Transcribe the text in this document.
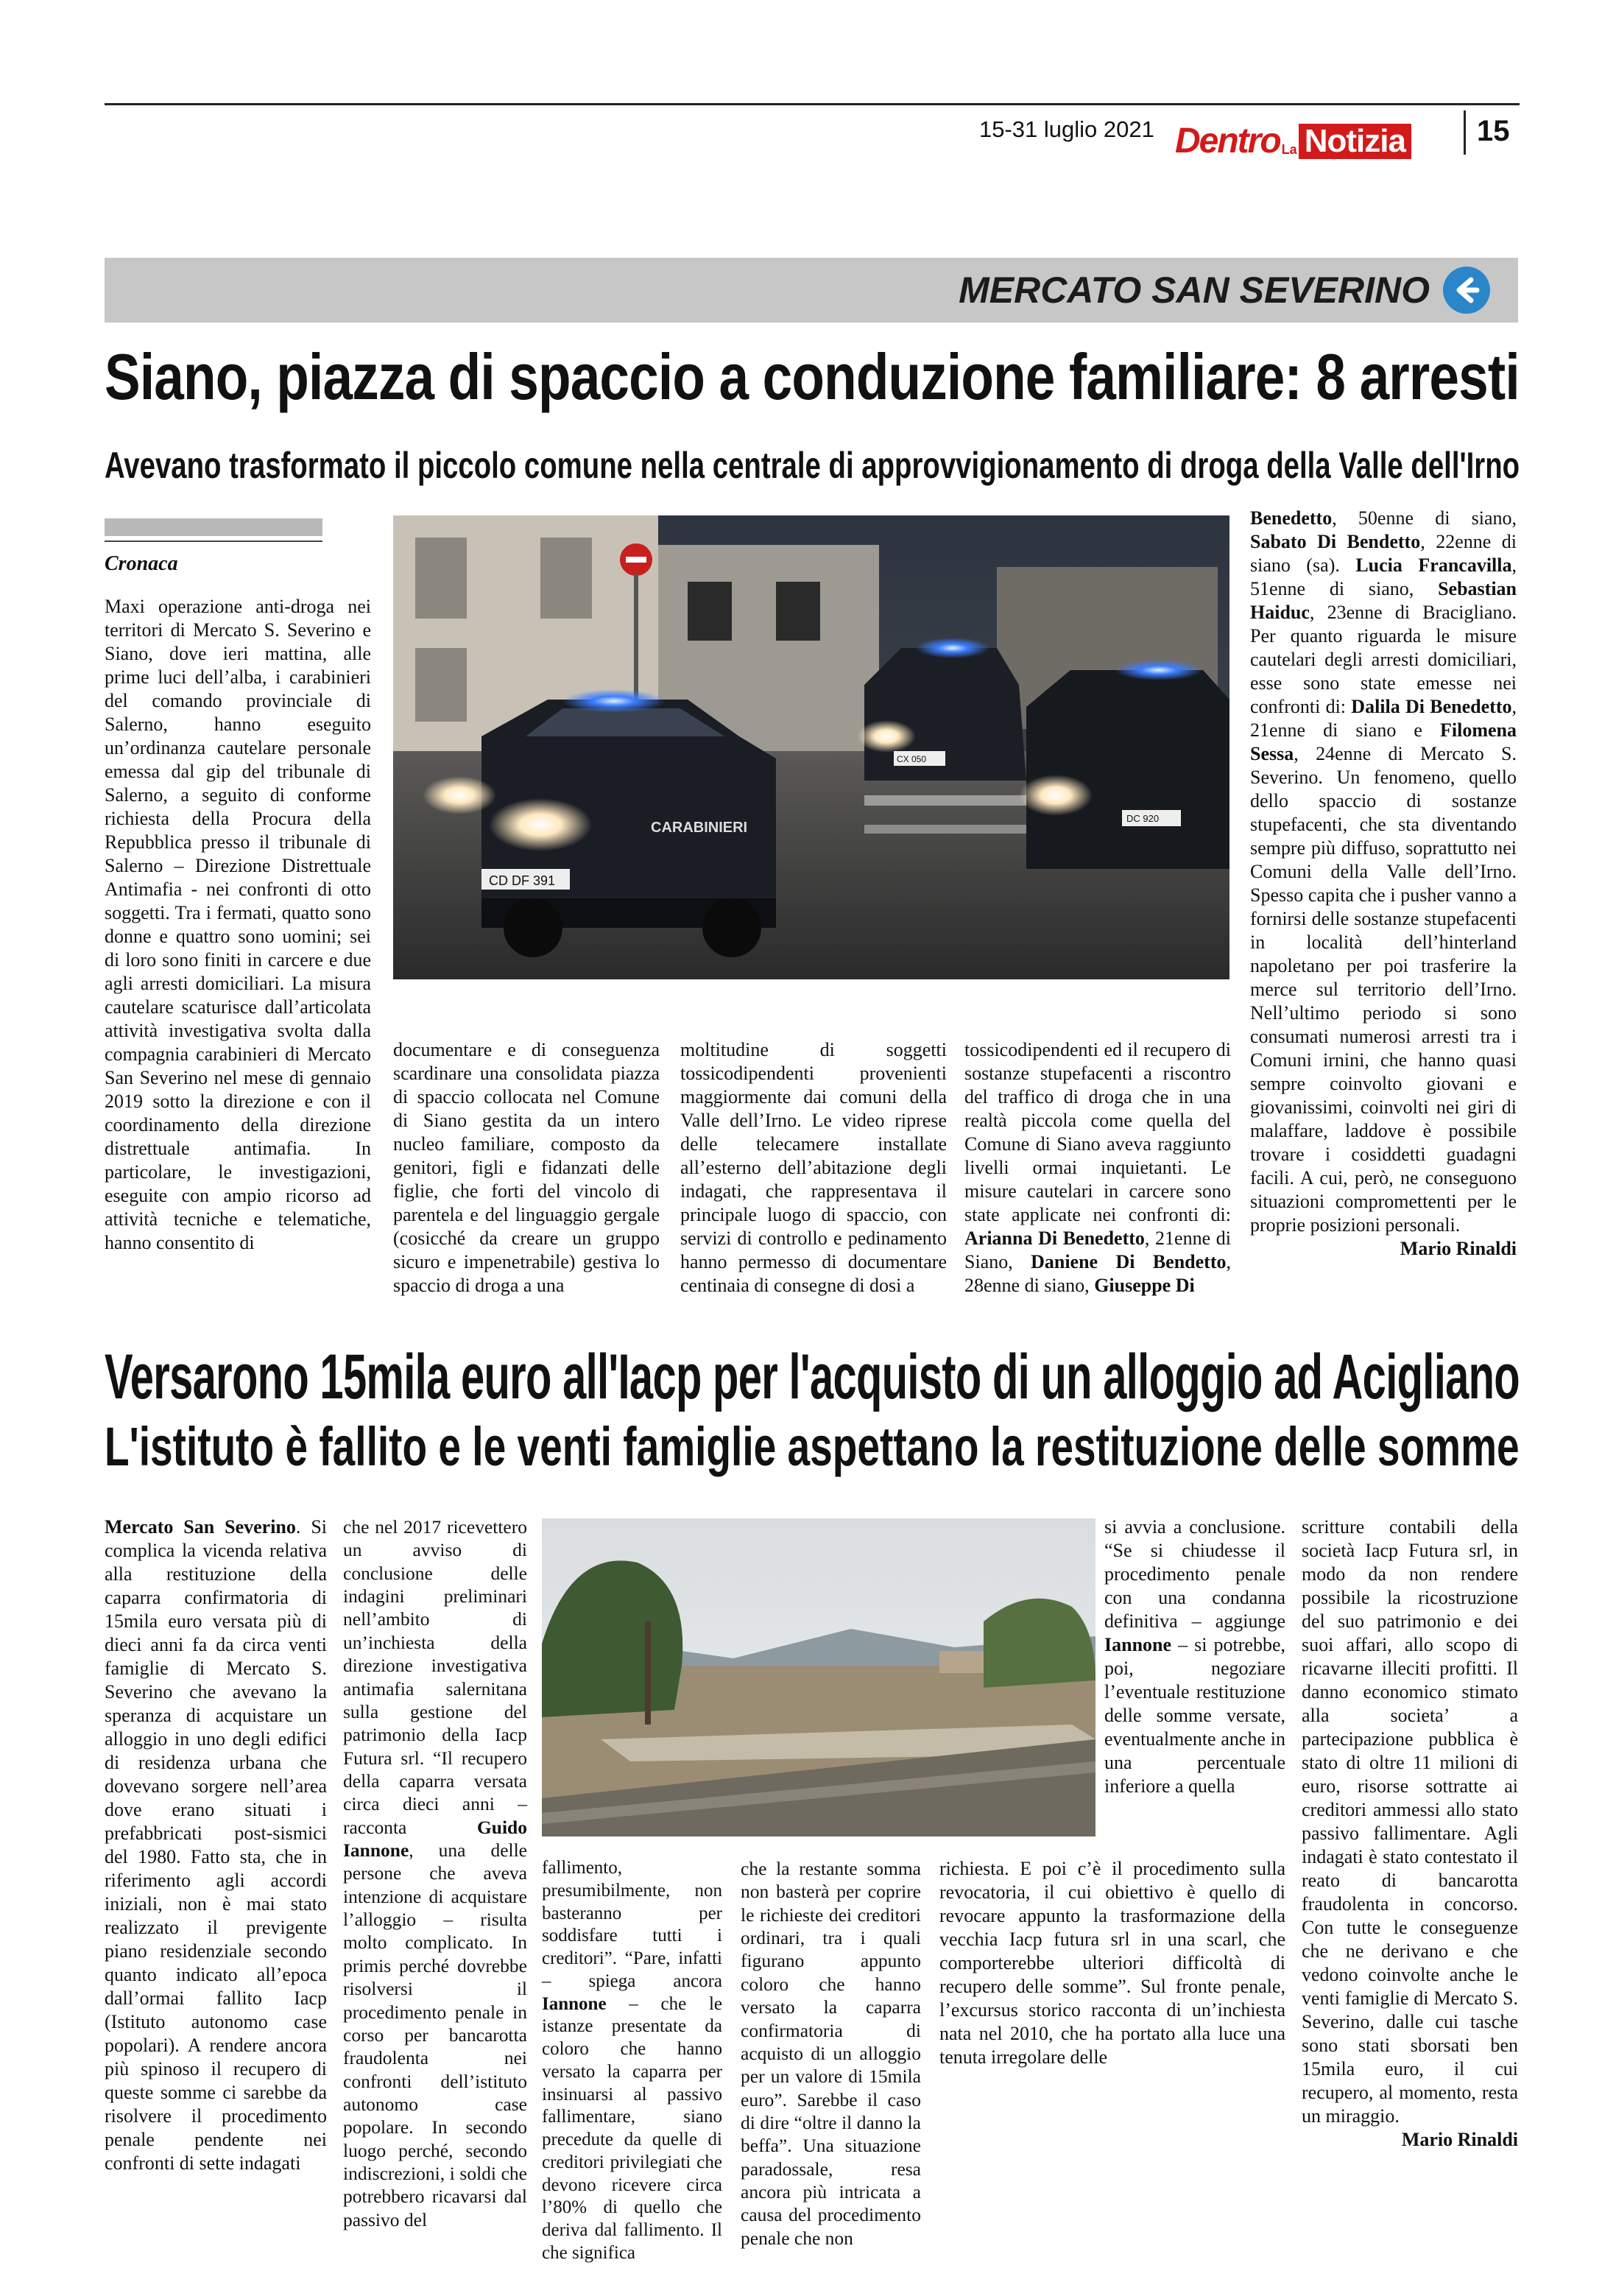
15-31 luglio 2021 Dentro La Notizia 15
MERCATO SAN SEVERINO
Siano, piazza di spaccio a conduzione familiare: 8 arresti
Avevano trasformato il piccolo comune nella centrale di approvvigionamento di droga della Valle dell'Irno
Cronaca

Maxi operazione anti-droga nei territori di Mercato S. Severino e Siano, dove ieri mattina, alle prime luci dell’alba, i carabinieri del comando provinciale di Salerno, hanno eseguito un’ordinanza cautelare personale emessa dal gip del tribunale di Salerno, a seguito di conforme richiesta della Procura della Repubblica presso il tribunale di Salerno – Direzione Distrettuale Antimafia - nei confronti di otto soggetti. Tra i fermati, quatto sono donne e quattro sono uomini; sei di loro sono finiti in carcere e due agli arresti domiciliari. La misura cautelare scaturisce dall’articolata attività investigativa svolta dalla compagnia carabinieri di Mercato San Severino nel mese di gennaio 2019 sotto la direzione e con il coordinamento della direzione distrettuale antimafia. In particolare, le investigazioni, eseguite con ampio ricorso ad attività tecniche e telematiche, hanno consentito di

CD DF 391
CARABINIERI
CX 050
DC 920

documentare e di conseguenza scardinare una consolidata piazza di spaccio collocata nel Comune di Siano gestita da un intero nucleo familiare, composto da genitori, figli e fidanzati delle figlie, che forti del vincolo di parentela e del linguaggio gergale (cosicché da creare un gruppo sicuro e impenetrabile) gestiva lo spaccio di droga a una

moltitudine di soggetti tossicodipendenti provenienti maggiormente dai comuni della Valle dell’Irno. Le video riprese delle telecamere installate all’esterno dell’abitazione degli indagati, che rappresentava il principale luogo di spaccio, con servizi di controllo e pedinamento hanno permesso di documentare centinaia di consegne di dosi a

tossicodipendenti ed il recupero di sostanze stupefacenti a riscontro del traffico di droga che in una realtà piccola come quella del Comune di Siano aveva raggiunto livelli ormai inquietanti. Le misure cautelari in carcere sono state applicate nei confronti di: Arianna Di Benedetto, 21enne di Siano, Daniene Di Bendetto, 28enne di siano, Giuseppe Di

Benedetto, 50enne di siano, Sabato Di Bendetto, 22enne di siano (sa). Lucia Francavilla, 51enne di siano, Sebastian Haiduc, 23enne di Bracigliano. Per quanto riguarda le misure cautelari degli arresti domiciliari, esse sono state emesse nei confronti di: Dalila Di Benedetto, 21enne di siano e Filomena Sessa, 24enne di Mercato S. Severino. Un fenomeno, quello dello spaccio di sostanze stupefacenti, che sta diventando sempre più diffuso, soprattutto nei Comuni della Valle dell’Irno. Spesso capita che i pusher vanno a fornirsi delle sostanze stupefacenti in località dell’hinterland napoletano per poi trasferire la merce sul territorio dell’Irno. Nell’ultimo periodo si sono consumati numerosi arresti tra i Comuni irnini, che hanno quasi sempre coinvolto giovani e giovanissimi, coinvolti nei giri di malaffare, laddove è possibile trovare i cosiddetti guadagni facili. A cui, però, ne conseguono situazioni compromettenti per le proprie posizioni personali.

Mario Rinaldi

Versarono 15mila euro all'Iacp per l'acquisto di un alloggio ad Acigliano
L'istituto è fallito e le venti famiglie aspettano la restituzione delle somme

Mercato San Severino. Si complica la vicenda relativa alla restituzione della caparra confirmatoria di 15mila euro versata più di dieci anni fa da circa venti famiglie di Mercato S. Severino che avevano la speranza di acquistare un alloggio in uno degli edifici di residenza urbana che dovevano sorgere nell’area dove erano situati i prefabbricati post-sismici del 1980. Fatto sta, che in riferimento agli accordi iniziali, non è mai stato realizzato il previgente piano residenziale secondo quanto indicato all’epoca dall’ormai fallito Iacp (Istituto autonomo case popolari). A rendere ancora più spinoso il recupero di queste somme ci sarebbe da risolvere il procedimento penale pendente nei confronti di sette indagati

che nel 2017 ricevettero un avviso di conclusione delle indagini preliminari nell’ambito di un’inchiesta della direzione investigativa antimafia salernitana sulla gestione del patrimonio della Iacp Futura srl. “Il recupero della caparra versata circa dieci anni – racconta Guido Iannone, una delle persone che aveva intenzione di acquistare l’alloggio – risulta molto complicato. In primis perché dovrebbe risolversi il procedimento penale in corso per bancarotta fraudolenta nei confronti dell’istituto autonomo case popolare. In secondo luogo perché, secondo indiscrezioni, i soldi che potrebbero ricavarsi dal passivo del

fallimento, presumibilmente, non basteranno per soddisfare tutti i creditori”. “Pare, infatti – spiega ancora Iannone – che le istanze presentate da coloro che hanno versato la caparra per insinuarsi al passivo fallimentare, siano precedute da quelle di creditori privilegiati che devono ricevere circa l’80% di quello che deriva dal fallimento. Il che significa

che la restante somma non basterà per coprire le richieste dei creditori ordinari, tra i quali figurano appunto coloro che hanno versato la caparra confirmatoria di acquisto di un alloggio per un valore di 15mila euro”. Sarebbe il caso di dire “oltre il danno la beffa”. Una situazione paradossale, resa ancora più intricata a causa del procedimento penale che non

si avvia a conclusione. “Se si chiudesse il procedimento penale con una condanna definitiva – aggiunge Iannone – si potrebbe, poi, negoziare l’eventuale restituzione delle somme versate, eventualmente anche in una percentuale inferiore a quella

richiesta. E poi c’è il procedimento sulla revocatoria, il cui obiettivo è quello di revocare appunto la trasformazione della vecchia Iacp futura srl in una scarl, che comporterebbe ulteriori difficoltà di recupero delle somme”. Sul fronte penale, l’excursus storico racconta di un’inchiesta nata nel 2010, che ha portato alla luce una tenuta irregolare delle

scritture contabili della società Iacp Futura srl, in modo da non rendere possibile la ricostruzione del suo patrimonio e dei suoi affari, allo scopo di ricavarne illeciti profitti. Il danno economico stimato alla societa’ a partecipazione pubblica è stato di oltre 11 milioni di euro, risorse sottratte ai creditori ammessi allo stato passivo fallimentare. Agli indagati è stato contestato il reato di bancarotta fraudolenta in concorso. Con tutte le conseguenze che ne derivano e che vedono coinvolte anche le venti famiglie di Mercato S. Severino, dalle cui tasche sono stati sborsati ben 15mila euro, il cui recupero, al momento, resta un miraggio.

Mario Rinaldi
